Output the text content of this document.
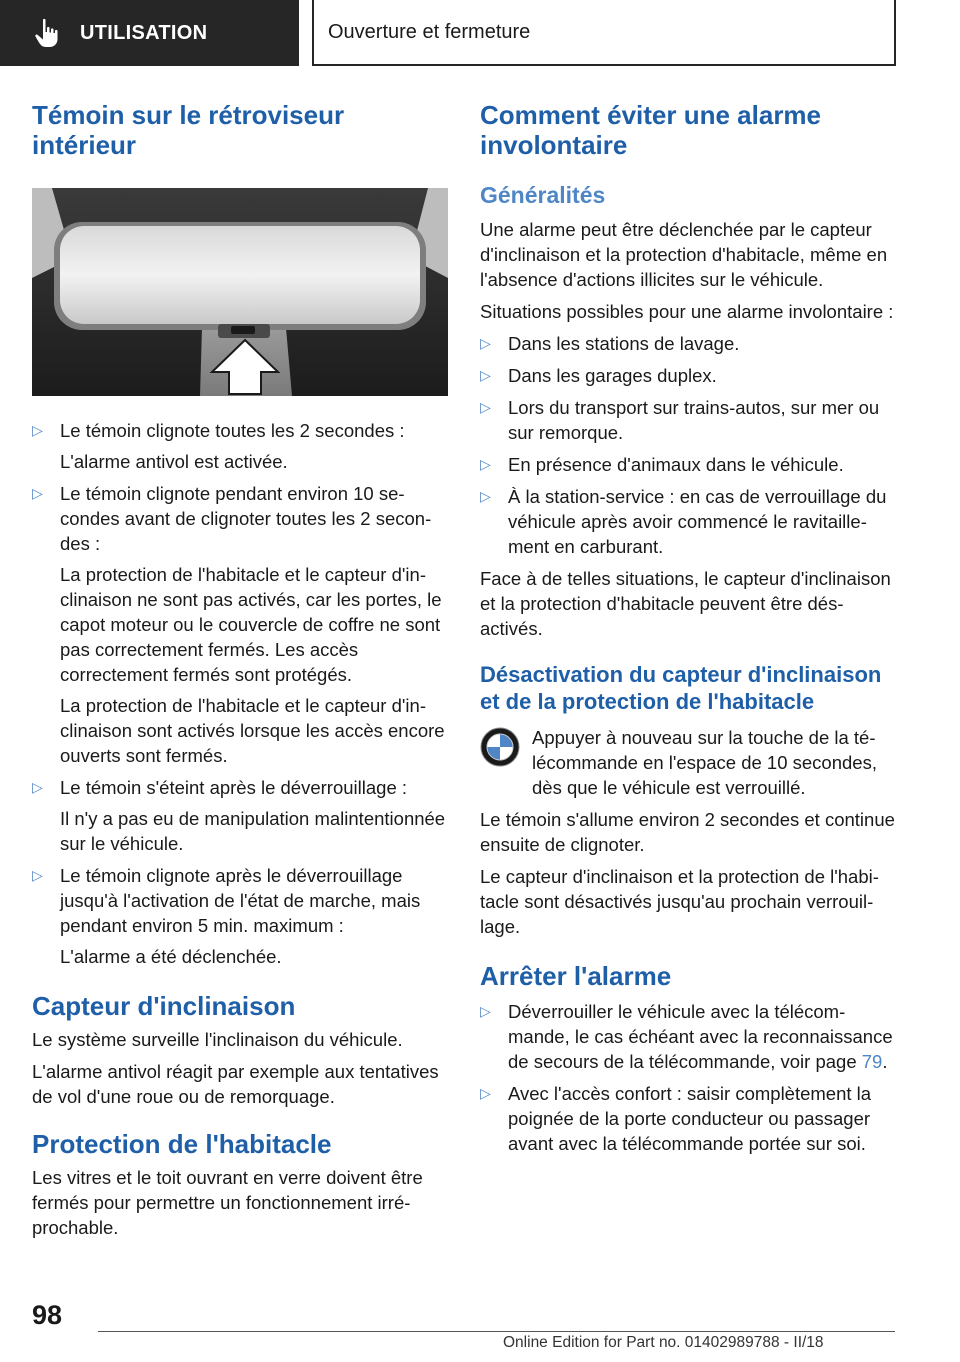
UTILISATION	Ouverture et fermeture
Témoin sur le rétroviseur intérieur
▷ Le témoin clignote toutes les 2 secondes :
L'alarme antivol est activée.
▷ Le témoin clignote pendant environ 10 secondes avant de clignoter toutes les 2 secondes :
La protection de l'habitacle et le capteur d'inclinaison ne sont pas activés, car les portes, le capot moteur ou le couvercle de coffre ne sont pas correctement fermés. Les accès correctement fermés sont protégés.
La protection de l'habitacle et le capteur d'inclinaison sont activés lorsque les accès encore ouverts sont fermés.
▷ Le témoin s'éteint après le déverrouillage :
Il n'y a pas eu de manipulation malintentionnée sur le véhicule.
▷ Le témoin clignote après le déverrouillage jusqu'à l'activation de l'état de marche, mais pendant environ 5 min. maximum :
L'alarme a été déclenchée.
Capteur d'inclinaison

Le système surveille l'inclinaison du véhicule.

L'alarme antivol réagit par exemple aux tentatives de vol d'une roue ou de remorquage.

Protection de l'habitacle

Les vitres et le toit ouvrant en verre doivent être fermés pour permettre un fonctionnement irréprochable.

Comment éviter une alarme involontaire
Généralités

Une alarme peut être déclenchée par le capteur d'inclinaison et la protection d'habitacle, même en l'absence d'actions illicites sur le véhicule.

Situations possibles pour une alarme involontaire :

▷ Dans les stations de lavage.
▷ Dans les garages duplex.
▷ Lors du transport sur trains-autos, sur mer ou sur remorque.
▷ En présence d'animaux dans le véhicule.
▷ À la station-service : en cas de verrouillage du véhicule après avoir commencé le ravitaillement en carburant.

Face à de telles situations, le capteur d'inclinaison et la protection d'habitacle peuvent être désactivés.

Désactivation du capteur d'inclinaison et de la protection de l'habitacle

Appuyer à nouveau sur la touche de la télécommande en l'espace de 10 secondes, dès que le véhicule est verrouillé.

Le témoin s'allume environ 2 secondes et continue ensuite de clignoter.

Le capteur d'inclinaison et la protection de l'habitacle sont désactivés jusqu'au prochain verrouillage.

Arrêter l'alarme
▷ Déverrouiller le véhicule avec la télécommande, le cas échéant avec la reconnaissance de secours de la télécommande, voir page 79.
▷ Avec l'accès confort : saisir complètement la poignée de la porte conducteur ou passager avant avec la télécommande portée sur soi.
98
Online Edition for Part no. 01402989788 - II/18
